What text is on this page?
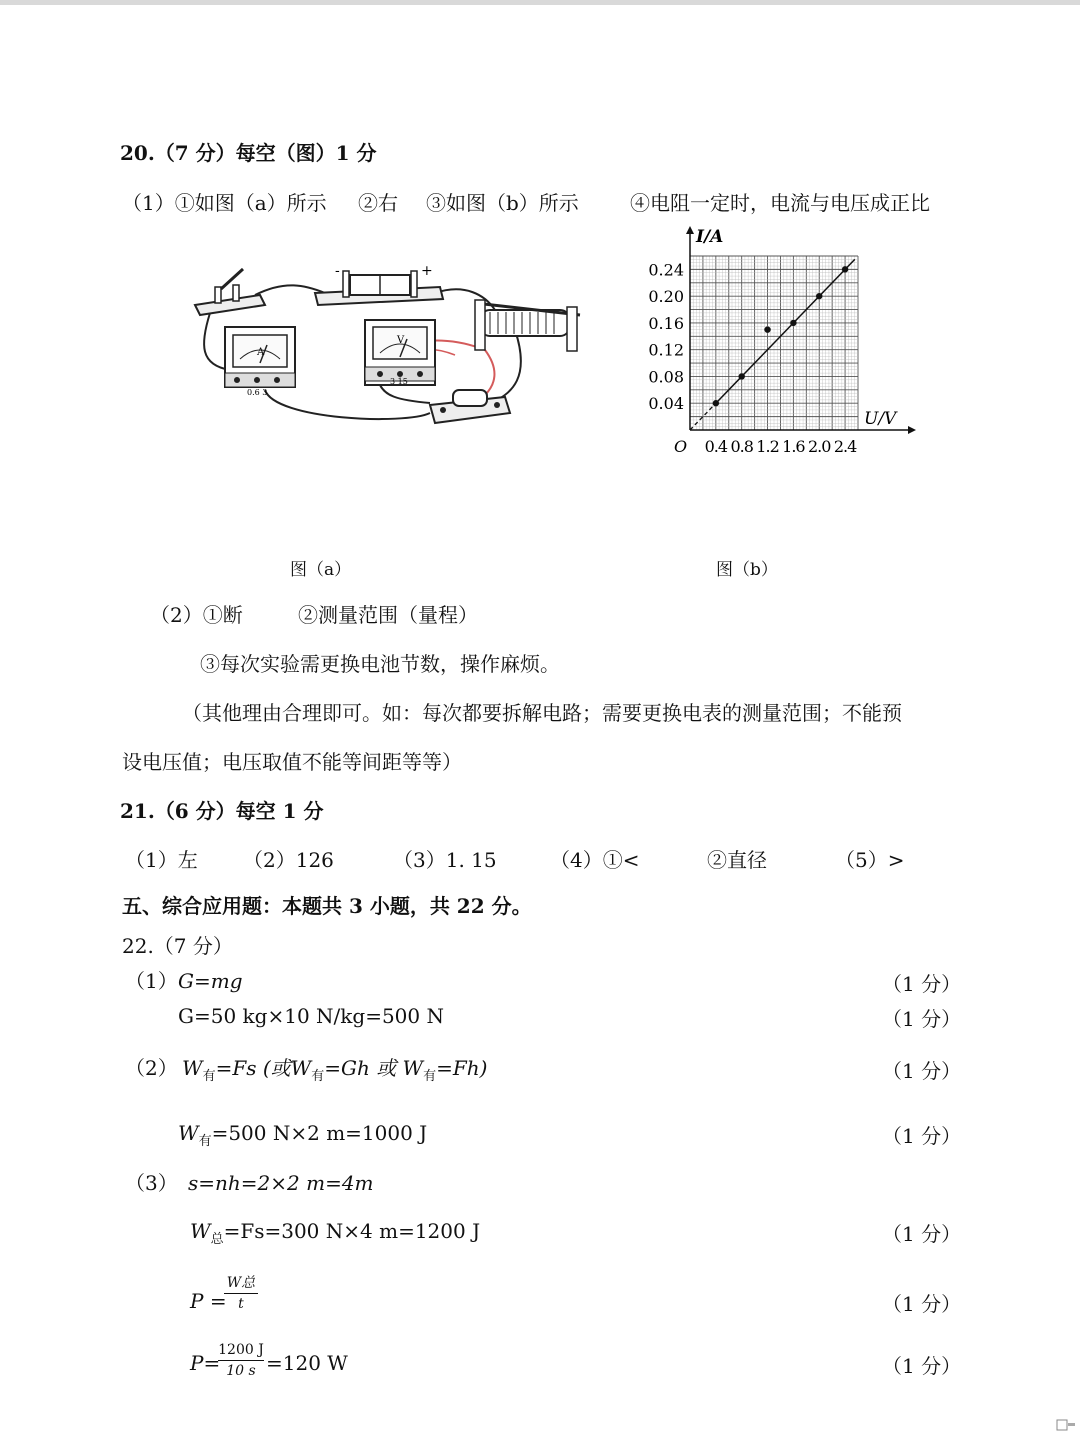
20.（7 分）每空（图）1 分
（1）①如图（a）所示 ②右 ③如图（b）所示	④电阻一定时，电流与电压成正比
-	+
A
0.6 3
V
3 15
0.4 0.8 1.2 1.6 2.0 2.4
0.04
0.08
0.12
0.16
0.20
0.24
O
U/V
I/A
图（a）	图（b）
（2）①断	②测量范围（量程）
③每次实验需更换电池节数，操作麻烦。
（其他理由合理即可。如：每次都要拆解电路；需要更换电表的测量范围；不能预
设电压值；电压取值不能等间距等等）
21.（6 分）每空 1 分
（1）左 （2）126	（3）1. 15	（4）①<	②直径	（5）>
五、综合应用题：本题共 3 小题，共 22 分。
22.（7 分）
（1） G=mg	（1 分）
G=50 kg×10 N/kg=500 N	（1 分）
（2） $W_有=Fs$ (或$W_有=Gh$ 或 $W_有=Fh$)	（1 分）
$W_有=500$ N×2 m=1000 J	（1 分）
（3） s=nh=2×2 m=4m
$W_总=Fs=300$ N×4 m=1200 J	（1 分）
P =
W总
t	（1 分）
P=
1200 J
10 s =120 W	（1 分）
